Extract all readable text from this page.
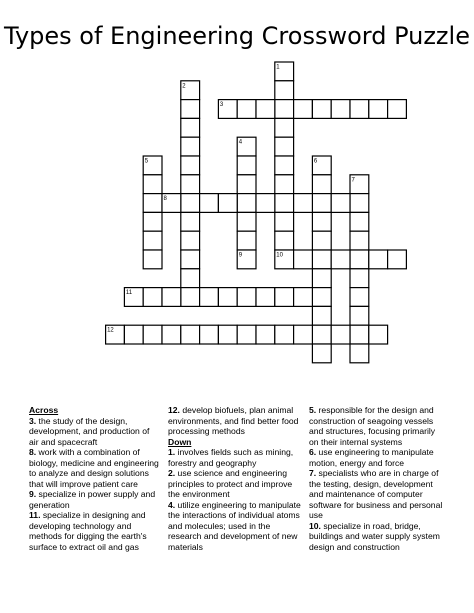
Types of Engineering Crossword Puzzle
1
2
3
4
9
5	6
7
8
10
11
12
Across

3. the study of the design, development, and production of air and spacecraft

8. work with a combination of biology, medicine and engineering to analyze and design solutions that will improve patient care

9. specialize in power supply and generation

11. specialize in designing and developing technology and methods for digging the earth's surface to extract oil and gas

12. develop biofuels, plan animal environments, and find better food processing methods

Down

1. involves fields such as mining, forestry and geography

2. use science and engineering principles to protect and improve the environment

4. utilize engineering to manipulate the interactions of individual atoms and molecules; used in the research and development of new materials

5. responsible for the design and construction of seagoing vessels and structures, focusing primarily on their internal systems

6. use engineering to manipulate motion, energy and force

7. specialists who are in charge of the testing, design, development and maintenance of computer software for business and personal use

10. specialize in road, bridge, buildings and water supply system design and construction
